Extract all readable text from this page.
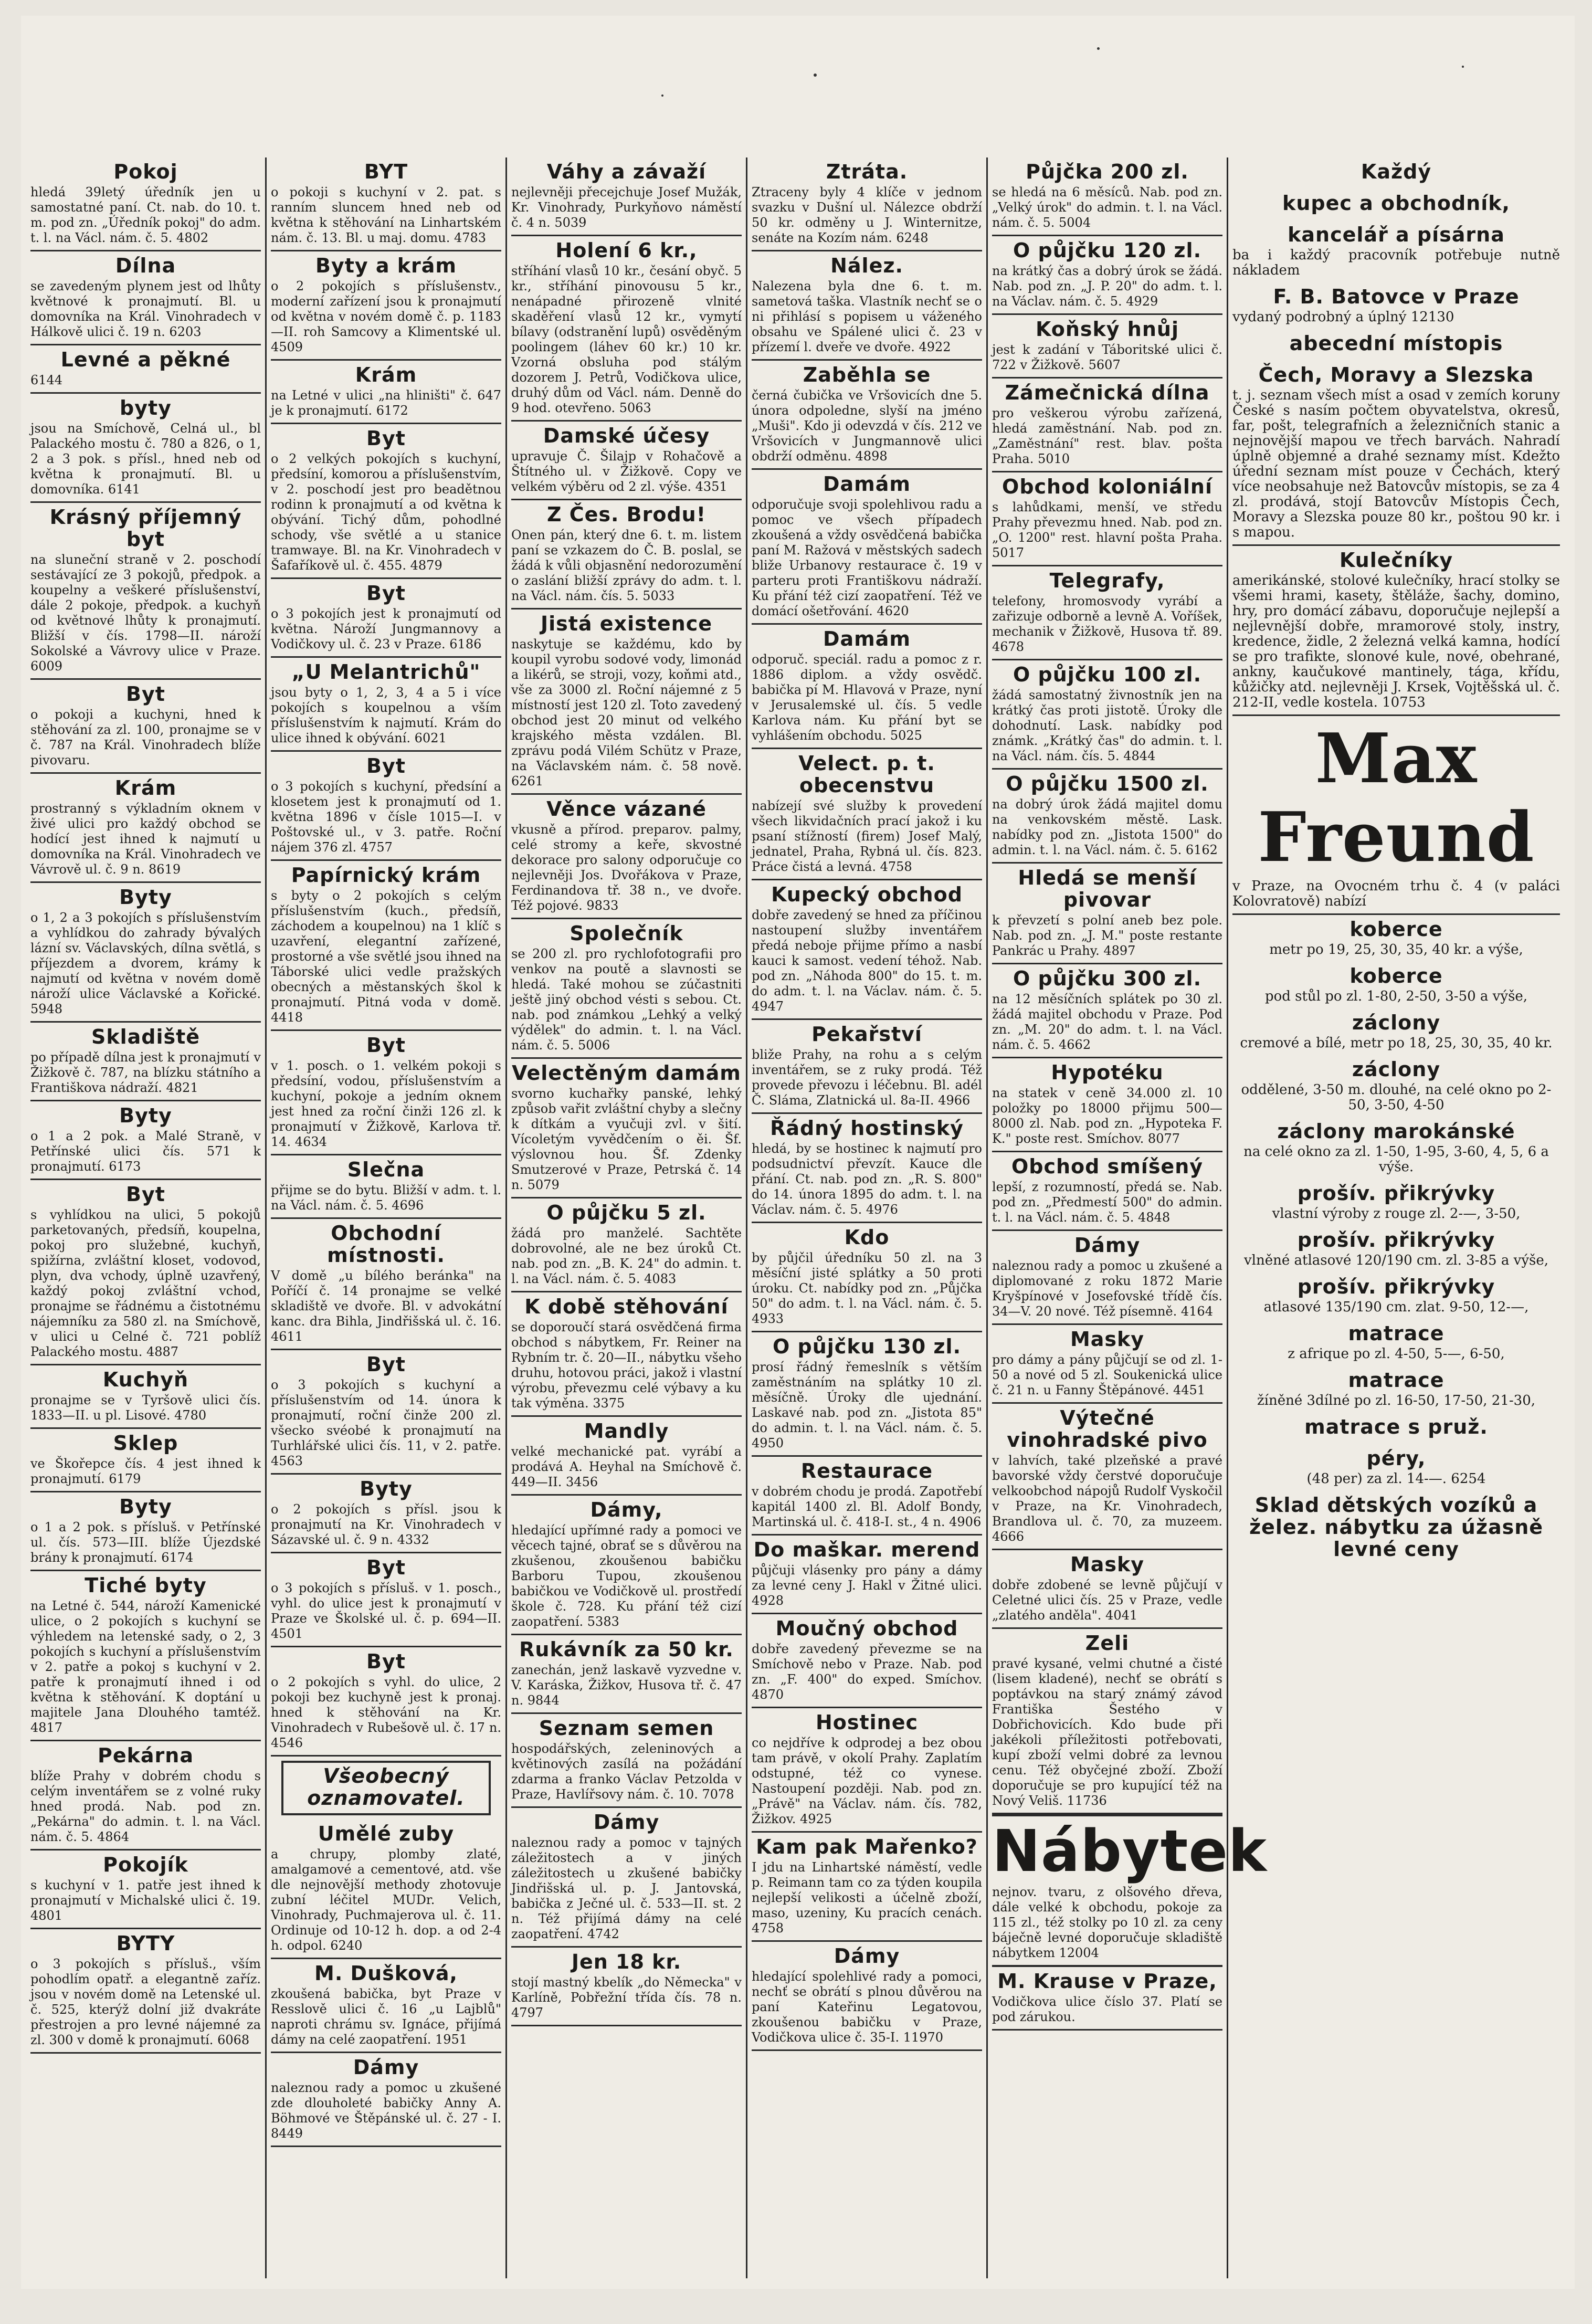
Pokoj

hledá 39letý úředník jen u samostatné paní. Ct. nab. do 10. t. m. pod zn. „Úředník pokoj" do adm. t. l. na Václ. nám. č. 5. 4802

Dílna

se zavedeným plynem jest od lhůty květnové k pronajmutí. Bl. u domovníka na Král. Vinohradech v Hálkově ulici č. 19 n. 6203

Levné a pěkné

6144

byty

jsou na Smíchově, Celná ul., bl Palackého mostu č. 780 a 826, o 1, 2 a 3 pok. s přísl., hned neb od května k pronajmutí. Bl. u domovníka. 6141

Krásný příjemný byt

na sluneční straně v 2. poschodí sestávající ze 3 pokojů, předpok. a koupelny a veškeré příslušenství, dále 2 pokoje, předpok. a kuchyň od květnové lhůty k pronajmutí. Bližší v čís. 1798—II. nároží Sokolské a Vávrovy ulice v Praze. 6009

Byt

o pokoji a kuchyni, hned k stěhování za zl. 100, pronajme se v č. 787 na Král. Vinohradech blíže pivovaru.

Krám

prostranný s výkladním oknem v živé ulici pro každý obchod se hodící jest ihned k najmutí u domovníka na Král. Vinohradech ve Vávrově ul. č. 9 n. 8619

Byty

o 1, 2 a 3 pokojích s příslušenstvím a vyhlídkou do zahrady bývalých lázní sv. Václavských, dílna světlá, s příjezdem a dvorem, krámy k najmutí od května v novém domě nároží ulice Václavské a Kořické. 5948

Skladiště

po případě dílna jest k pronajmutí v Žižkově č. 787, na blízku státního a Františkova nádraží. 4821

Byty

o 1 a 2 pok. a Malé Straně, v Petřínské ulici čís. 571 k pronajmutí. 6173

Byt

s vyhlídkou na ulici, 5 pokojů parketovaných, předsíň, koupelna, pokoj pro služebné, kuchyň, spižírna, zvláštní kloset, vodovod, plyn, dva vchody, úplně uzavřený, každý pokoj zvláštní vchod, pronajme se řádnému a čistotnému nájemníku za 580 zl. na Smíchově, v ulici u Celné č. 721 poblíž Palackého mostu. 4887

Kuchyň

pronajme se v Tyršově ulici čís. 1833—II. u pl. Lisové. 4780

Sklep

ve Škořepce čís. 4 jest ihned k pronajmutí. 6179

Byty

o 1 a 2 pok. s přísluš. v Petřínské ul. čís. 573—III. blíže Újezdské brány k pronajmutí. 6174

Tiché byty

na Letné č. 544, nároží Kamenické ulice, o 2 pokojích s kuchyní se výhledem na letenské sady, o 2, 3 pokojích s kuchyní a příslušenstvím v 2. patře a pokoj s kuchyní v 2. patře k pronajmutí ihned i od května k stěhování. K doptání u majitele Jana Dlouhého tamtéž. 4817

Pekárna

blíže Prahy v dobrém chodu s celým inventářem se z volné ruky hned prodá. Nab. pod zn. „Pekárna" do admin. t. l. na Václ. nám. č. 5. 4864

Pokojík

s kuchyní v 1. patře jest ihned k pronajmutí v Michalské ulici č. 19. 4801

BYTY

o 3 pokojích s přísluš., vším pohodlím opatř. a elegantně zaříz. jsou v novém domě na Letenské ul. č. 525, kterýž dolní již dvakráte přestrojen a pro levné nájemné za zl. 300 v domě k pronajmutí. 6068

BYT

o pokoji s kuchyní v 2. pat. s ranním sluncem hned neb od května k stěhování na Linhartském nám. č. 13. Bl. u maj. domu. 4783

Byty a krám

o 2 pokojích s příslušenstv., moderní zařízení jsou k pronajmutí od května v novém domě č. p. 1183—II. roh Samcovy a Klimentské ul. 4509

Krám

na Letné v ulici „na hliništi" č. 647 je k pronajmutí. 6172

Byt

o 2 velkých pokojích s kuchyní, předsíní, komorou a příslušenstvím, v 2. poschodí jest pro beadětnou rodinn k pronajmutí a od května k obývání. Tichý dům, pohodlné schody, vše světlé a u stanice tramwaye. Bl. na Kr. Vinohradech v Šafaříkově ul. č. 455. 4879

Byt

o 3 pokojích jest k pronajmutí od května. Nároží Jungmannovy a Vodičkovy ul. č. 23 v Praze. 6186

„U Melantrichů"

jsou byty o 1, 2, 3, 4 a 5 i více pokojích s koupelnou a vším příslušenstvím k najmutí. Krám do ulice ihned k obývání. 6021

Byt

o 3 pokojích s kuchyní, předsíní a klosetem jest k pronajmutí od 1. května 1896 v čísle 1015—I. v Poštovské ul., v 3. patře. Roční nájem 376 zl. 4757

Papírnický krám

s byty o 2 pokojích s celým příslušenstvím (kuch., předsíň, záchodem a koupelnou) na 1 klíč s uzavření, elegantní zařízené, prostorné a vše světlé jsou ihned na Táborské ulici vedle pražských obecných a městanských škol k pronajmutí. Pitná voda v domě. 4418

Byt

v 1. posch. o 1. velkém pokoji s předsíní, vodou, příslušenstvím a kuchyní, pokoje a jedním oknem jest hned za roční činži 126 zl. k pronajmutí v Žižkově, Karlova tř. 14. 4634

Slečna

přijme se do bytu. Bližší v adm. t. l. na Václ. nám. č. 5. 4696

Obchodní místnosti.

V domě „u bílého beránka" na Poříčí č. 14 pronajme se velké skladiště ve dvoře. Bl. v advokátní kanc. dra Bihla, Jindřišská ul. č. 16. 4611

Byt

o 3 pokojích s kuchyní a příslušenstvím od 14. února k pronajmutí, roční činže 200 zl. všecko svéobé k pronajmutí na Turhlářské ulici čís. 11, v 2. patře. 4563

Byty

o 2 pokojích s přísl. jsou k pronajmutí na Kr. Vinohradech v Sázavské ul. č. 9 n. 4332

Byt

o 3 pokojích s přísluš. v 1. posch., vyhl. do ulice jest k pronajmutí v Praze ve Školské ul. č. p. 694—II. 4501

Byt

o 2 pokojích s vyhl. do ulice, 2 pokoji bez kuchyně jest k pronaj. hned k stěhování na Kr. Vinohradech v Rubešově ul. č. 17 n. 4546

Všeobecný oznamovatel.

Umělé zuby

a chrupy, plomby zlaté, amalgamové a cementové, atd. vše dle nejnovější methody zhotovuje zubní léčitel MUDr. Velich, Vinohrady, Puchmajerova ul. č. 11. Ordinuje od 10-12 h. dop. a od 2-4 h. odpol. 6240

M. Dušková,

zkoušená babička, byt Praze v Resslově ulici č. 16 „u Lajblů" naproti chrámu sv. Ignáce, přijímá dámy na celé zaopatření. 1951

Dámy

naleznou rady a pomoc u zkušené zde dlouholeté babičky Anny A. Böhmové ve Štěpánské ul. č. 27 - I. 8449

Váhy a závaží

nejlevněji přecejchuje Josef Mužák, Kr. Vinohrady, Purkyňovo náměstí č. 4 n. 5039

Holení 6 kr.,

stříhání vlasů 10 kr., česání obyč. 5 kr., stříhání pinovousu 5 kr., nenápadné přirozeně vlnité skaděření vlasů 12 kr., vymytí bílavy (odstranění lupů) osvěděným poolingem (láhev 60 kr.) 10 kr. Vzorná obsluha pod stálým dozorem J. Petrů, Vodičkova ulice, druhý dům od Václ. nám. Denně do 9 hod. otevřeno. 5063

Damské účesy

upravuje Č. Šilajp v Rohačově a Štítného ul. v Žižkově. Copy ve velkém výběru od 2 zl. výše. 4351

Z Čes. Brodu!

Onen pán, který dne 6. t. m. listem paní se vzkazem do Č. B. poslal, se žádá k vůli objasnění nedorozumění o zaslání bližší zprávy do adm. t. l. na Václ. nám. čís. 5. 5033

Jistá existence

naskytuje se každému, kdo by koupil vyrobu sodové vody, limonád a likérů, se stroji, vozy, koňmi atd., vše za 3000 zl. Roční nájemné z 5 místností jest 120 zl. Toto zavedený obchod jest 20 minut od velkého krajského města vzdálen. Bl. zprávu podá Vilém Schütz v Praze, na Václavském nám. č. 58 nově. 6261

Věnce vázané

vkusně a přírod. preparov. palmy, celé stromy a keře, skvostné dekorace pro salony odporučuje co nejlevněji Jos. Dvořákova v Praze, Ferdinandova tř. 38 n., ve dvoře. Též pojové. 9833

Společník

se 200 zl. pro rychlofotografii pro venkov na poutě a slavnosti se hledá. Také mohou se zúčastniti ještě jiný obchod vésti s sebou. Ct. nab. pod známkou „Lehký a velký výdělek" do admin. t. l. na Václ. nám. č. 5. 5006

Velectěným damám

svorno kuchařky panské, lehký způsob vařit zvláštní chyby a slečny k dítkám a vyučuji zvl. v šití. Vícoletým vyvědčením o ěi. Šf. výslovnou hou. Šf. Zdenky Smutzerové v Praze, Petrská č. 14 n. 5079

O půjčku 5 zl.

žádá pro manželé. Sachtěte dobrovolné, ale ne bez úroků Ct. nab. pod zn. „B. K. 24" do admin. t. l. na Václ. nám. č. 5. 4083

K době stěhování

se doporoučí stará osvědčená firma obchod s nábytkem, Fr. Reiner na Rybním tr. č. 20—II., nábytku všeho druhu, hotovou práci, jakož i vlastní výrobu, převezmu celé výbavy a ku tak výměna. 3375

Mandly

velké mechanické pat. vyrábí a prodává A. Heyhal na Smíchově č. 449—II. 3456

Dámy,

hledající upřímné rady a pomoci ve věcech tajné, obrať se s důvěrou na zkušenou, zkoušenou babičku Barboru Tupou, zkoušenou babičkou ve Vodičkově ul. prostředí škole č. 728. Ku přání též cizí zaopatření. 5383

Rukávník za 50 kr.

zanechán, jenž laskavě vyzvedne v. V. Karáska, Žižkov, Husova tř. č. 47 n. 9844

Seznam semen

hospodářských, zeleninových a květinových zasílá na požádání zdarma a franko Václav Petzolda v Praze, Havlířsovy nám. č. 10. 7078

Dámy

naleznou rady a pomoc v tajných záležitostech a v jiných záležitostech u zkušené babičky Jindřišská ul. p. J. Jantovská, babička z Ječné ul. č. 533—II. st. 2 n. Též přijímá dámy na celé zaopatření. 4742

Jen 18 kr.

stojí mastný kbelík „do Německa" v Karlíně, Pobřežní třída čís. 78 n. 4797

Ztráta.

Ztraceny byly 4 klíče v jednom svazku v Dušní ul. Nálezce obdrží 50 kr. odměny u J. Winternitze, senáte na Kozím nám. 6248

Nález.

Nalezena byla dne 6. t. m. sametová taška. Vlastník nechť se o ni přihlásí s popisem u váženého obsahu ve Spálené ulici č. 23 v přízemí l. dveře ve dvoře. 4922

Zaběhla se

černá čubička ve Vršovicích dne 5. února odpoledne, slyší na jméno „Muši". Kdo ji odevzdá v čís. 212 ve Vršovicích v Jungmannově ulici obdrží odměnu. 4898

Damám

odporučuje svoji spolehlivou radu a pomoc ve všech případech zkoušená a vždy osvědčená babička paní M. Ražová v městských sadech bliže Urbanovy restaurace č. 19 v parteru proti Františkovu nádraží. Ku přání též cizí zaopatření. Též ve domácí ošetřování. 4620

Damám

odporuč. speciál. radu a pomoc z r. 1886 diplom. a vždy osvědč. babička pí M. Hlavová v Praze, nyní v Jerusalemské ul. čís. 5 vedle Karlova nám. Ku přání byt se vyhlášením obchodu. 5025

Velect. p. t. obecenstvu

nabízejí své služby k provedení všech likvidačních prací jakož i ku psaní stížností (firem) Josef Malý, jednatel, Praha, Rybná ul. čís. 823. Práce čistá a levná. 4758

Kupecký obchod

dobře zavedený se hned za příčinou nastoupení služby inventářem předá neboje přijme přímo a nasbí kauci k samost. vedení téhož. Nab. pod zn. „Náhoda 800" do 15. t. m. do adm. t. l. na Václav. nám. č. 5. 4947

Pekařství

bliže Prahy, na rohu a s celým inventářem, se z ruky prodá. Též provede převozu i léčebnu. Bl. adél Č. Sláma, Zlatnická ul. 8a-II. 4966

Řádný hostinský

hledá, by se hostinec k najmutí pro podsudnictví převzít. Kauce dle přání. Ct. nab. pod zn. „R. S. 800" do 14. února 1895 do adm. t. l. na Václav. nám. č. 5. 4976

Kdo

by půjčil úředníku 50 zl. na 3 měsíční jisté splátky a 50 proti úroku. Ct. nabídky pod zn. „Půjčka 50" do adm. t. l. na Václ. nám. č. 5. 4933

O půjčku 130 zl.

prosí řádný řemeslník s větším zaměstnáním na splátky 10 zl. měsíčně. Úroky dle ujednání. Laskavé nab. pod zn. „Jistota 85" do admin. t. l. na Václ. nám. č. 5. 4950

Restaurace

v dobrém chodu je prodá. Zapotřebí kapitál 1400 zl. Bl. Adolf Bondy, Martinská ul. č. 418-I. st., 4 n. 4906

Do maškar. merend

půjčuji vlásenky pro pány a dámy za levné ceny J. Hakl v Žitné ulici. 4928

Moučný obchod

dobře zavedený převezme se na Smíchově nebo v Praze. Nab. pod zn. „F. 400" do exped. Smíchov. 4870

Hostinec

co nejdříve k odprodej a bez obou tam právě, v okolí Prahy. Zaplatím odstupné, též co vynese. Nastoupení později. Nab. pod zn. „Právě" na Václav. nám. čís. 782, Žižkov. 4925

Kam pak Mařenko?

I jdu na Linhartské náměstí, vedle p. Reimann tam co za týden koupila nejlepší velikosti a účelně zboží, maso, uzeniny, Ku pracích cenách. 4758

Dámy

hledající spolehlivé rady a pomoci, nechť se obrátí s plnou důvěrou na paní Kateřinu Legatovou, zkoušenou babičku v Praze, Vodičkova ulice č. 35-I. 11970

Půjčka 200 zl.

se hledá na 6 měsíců. Nab. pod zn. „Velký úrok" do admin. t. l. na Václ. nám. č. 5. 5004

O půjčku 120 zl.

na krátký čas a dobrý úrok se žádá. Nab. pod zn. „J. P. 20" do adm. t. l. na Václav. nám. č. 5. 4929

Koňský hnůj

jest k zadání v Táboritské ulici č. 722 v Žižkově. 5607

Zámečnická dílna

pro veškerou výrobu zařízená, hledá zaměstnání. Nab. pod zn. „Zaměstnání" rest. blav. pošta Praha. 5010

Obchod koloniální

s lahůdkami, menší, ve středu Prahy převezmu hned. Nab. pod zn. „O. 1200" rest. hlavní pošta Praha. 5017

Telegrafy,

telefony, hromosvody vyrábí a zařizuje odborně a levně A. Voříšek, mechanik v Žižkově, Husova tř. 89. 4678

O půjčku 100 zl.

žádá samostatný živnostník jen na krátký čas proti jistotě. Úroky dle dohodnutí. Lask. nabídky pod známk. „Krátký čas" do admin. t. l. na Václ. nám. čís. 5. 4844

O půjčku 1500 zl.

na dobrý úrok žádá majitel domu na venkovském městě. Lask. nabídky pod zn. „Jistota 1500" do admin. t. l. na Václ. nám. č. 5. 6162

Hledá se menší pivovar

k převzetí s polní aneb bez pole. Nab. pod zn. „J. M." poste restante Pankrác u Prahy. 4897

O půjčku 300 zl.

na 12 měsíčních splátek po 30 zl. žádá majitel obchodu v Praze. Pod zn. „M. 20" do adm. t. l. na Václ. nám. č. 5. 4662

Hypotéku

na statek v ceně 34.000 zl. 10 položky po 18000 přijmu 500—8000 zl. Nab. pod zn. „Hypoteka F. K." poste rest. Smíchov. 8077

Obchod smíšený

lepší, z rozumností, předá se. Nab. pod zn. „Předmestí 500" do admin. t. l. na Václ. nám. č. 5. 4848

Dámy

naleznou rady a pomoc u zkušené a diplomované z roku 1872 Marie Kryšpínové v Josefovské třídě čís. 34—V. 20 nové. Též písemně. 4164

Masky

pro dámy a pány půjčují se od zl. 1-50 a nové od 5 zl. Soukenická ulice č. 21 n. u Fanny Štěpánové. 4451

Výtečné vinohradské pivo

v lahvích, také plzeňské a pravé bavorské vždy čerstvé doporučuje velkoobchod nápojů Rudolf Vyskočil v Praze, na Kr. Vinohradech, Brandlova ul. č. 70, za muzeem. 4666

Masky

dobře zdobené se levně půjčují v Celetné ulici čís. 25 v Praze, vedle „zlatého anděla". 4041

Zeli

pravé kysané, velmi chutné a čisté (lisem kladené), nechť se obrátí s poptávkou na starý známý závod Františka Šestého v Dobřichovicích. Kdo bude při jakékoli příležitosti potřebovati, kupí zboží velmi dobré za levnou cenu. Též obyčejné zboží. Zboží doporučuje se pro kupující též na Nový Veliš. 11736

Nábytek

nejnov. tvaru, z olšového dřeva, dále velké k obchodu, pokoje za 115 zl., též stolky po 10 zl. za ceny báječně levné doporučuje skladiště nábytkem 12004

M. Krause v Praze,

Vodičkova ulice číslo 37. Platí se pod zárukou.

Každý

kupec a obchodník,

kancelář a písárna

ba i každý pracovník potřebuje nutně nákladem

F. B. Batovce v Praze

vydaný podrobný a úplný 12130

abecední místopis

Čech, Moravy a Slezska

t. j. seznam všech míst a osad v zemích koruny České s nasím počtem obyvatelstva, okresů, far, pošt, telegrafních a železničních stanic a nejnovější mapou ve třech barvách. Nahradí úplně objemné a drahé seznamy míst. Kdežto úřední seznam míst pouze v Čechách, který více neobsahuje než Batovcův místopis, se za 4 zl. prodává, stojí Batovcův Místopis Čech, Moravy a Slezska pouze 80 kr., poštou 90 kr. i s mapou.

Kulečníky

amerikánské, stolové kulečníky, hrací stolky se všemi hrami, kasety, štěláže, šachy, domino, hry, pro domácí zábavu, doporučuje nejlepší a nejlevnější dobře, mramorové stoly, instry, kredence, židle, 2 železná velká kamna, hodící se pro trafikte, slonové kule, nové, obehrané, ankny, kaučukové mantinely, tága, křídu, kůžičky atd. nejlevněji J. Krsek, Vojtěšská ul. č. 212-II, vedle kostela. 10753

Max Freund

v Praze, na Ovocném trhu č. 4 (v paláci Kolovratově) nabízí

koberce

metr po 19, 25, 30, 35, 40 kr. a výše,

koberce

pod stůl po zl. 1-80, 2-50, 3-50 a výše,

záclony

cremové a bílé, metr po 18, 25, 30, 35, 40 kr.

záclony

oddělené, 3-50 m. dlouhé, na celé okno po 2-50, 3-50, 4-50

záclony marokánské

na celé okno za zl. 1-50, 1-95, 3-60, 4, 5, 6 a výše.

prošív. přikrývky

vlastní výroby z rouge zl. 2-—, 3-50,

prošív. přikrývky

vlněné atlasové 120/190 cm. zl. 3-85 a výše,

prošív. přikrývky

atlasové 135/190 cm. zlat. 9-50, 12-—,

matrace

z afrique po zl. 4-50, 5-—, 6-50,

matrace

žíněné 3dílné po zl. 16-50, 17-50, 21-30,

matrace s pruž.

péry,

(48 per) za zl. 14-—. 6254

Sklad dětských vozíků a želez. nábytku za úžasně levné ceny
